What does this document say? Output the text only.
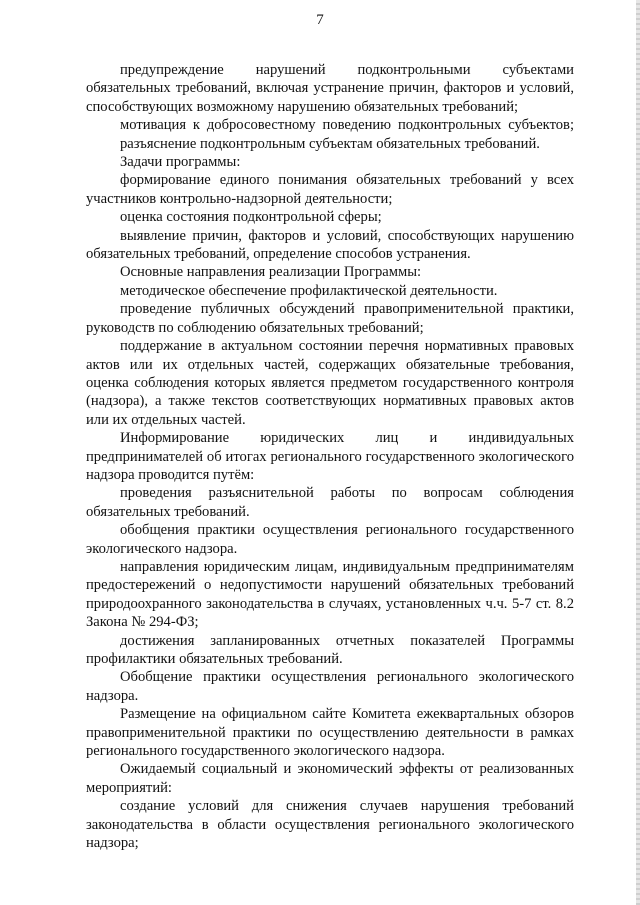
7

предупреждение нарушений подконтрольными субъектами обязательных требований, включая устранение причин, факторов и условий, способствующих возможному нарушению обязательных требований;

мотивация к добросовестному поведению подконтрольных субъектов;

разъяснение подконтрольным субъектам обязательных требований.

Задачи программы:

формирование единого понимания обязательных требований у всех участников контрольно-надзорной деятельности;

оценка состояния подконтрольной сферы;

выявление причин, факторов и условий, способствующих нарушению обязательных требований, определение способов устранения.

Основные направления реализации Программы:

методическое обеспечение профилактической деятельности.

проведение публичных обсуждений правоприменительной практики, руководств по соблюдению обязательных требований;

поддержание в актуальном состоянии перечня нормативных правовых актов или их отдельных частей, содержащих обязательные требования, оценка соблюдения которых является предметом государственного контроля (надзора), а также текстов соответствующих нормативных правовых актов или их отдельных частей.

Информирование юридических лиц и индивидуальных предпринимателей об итогах регионального государственного экологического надзора проводится путём:

проведения разъяснительной работы по вопросам соблюдения обязательных требований.

обобщения практики осуществления регионального государственного экологического надзора.

направления юридическим лицам, индивидуальным предпринимателям предостережений о недопустимости нарушений обязательных требований природоохранного законодательства в случаях, установленных ч.ч. 5-7 ст. 8.2 Закона № 294-ФЗ;

достижения запланированных отчетных показателей Программы профилактики обязательных требований.

Обобщение практики осуществления регионального экологического надзора.

Размещение на официальном сайте Комитета ежеквартальных обзоров правоприменительной практики по осуществлению деятельности в рамках регионального государственного экологического надзора.

Ожидаемый социальный и экономический эффекты от реализованных мероприятий:

создание условий для снижения случаев нарушения требований законодательства в области осуществления регионального экологического надзора;
